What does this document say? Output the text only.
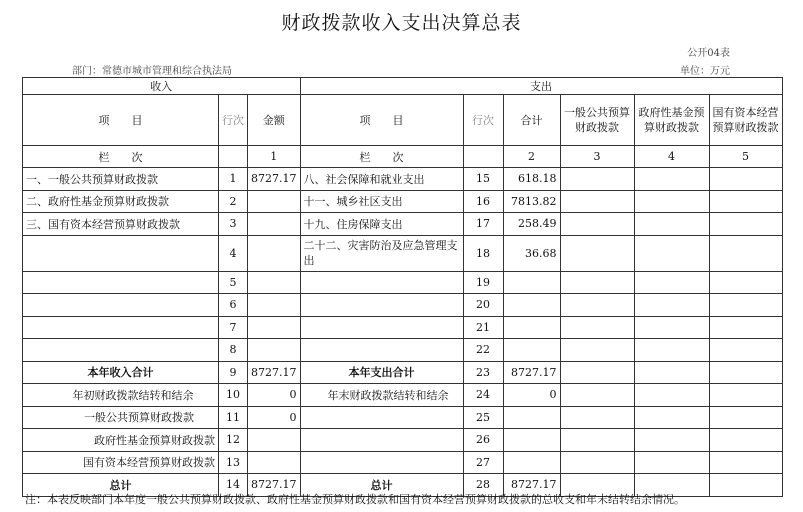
财政拨款收入支出决算总表
公开04表
部门：常德市城市管理和综合执法局	单位：万元
收入			支出					
项　　目	行次	金额	项　　目	行次	合计	一般公共预算财政拨款	政府性基金预算财政拨款	国有资本经营预算财政拨款
栏　　次		1	栏　　次		2	3	4	5
一、一般公共预算财政拨款	1	8727.17	八、社会保障和就业支出	15	618.18			
二、政府性基金预算财政拨款	2		十一、城乡社区支出	16	7813.82			
三、国有资本经营预算财政拨款	3		十九、住房保障支出	17	258.49			
	4		二十二、灾害防治及应急管理支出	18	36.68			
	5			19				
	6			20				
	7			21				
	8			22				
本年收入合计	9	8727.17	本年支出合计	23	8727.17			
年初财政拨款结转和结余	10	0	年末财政拨款结转和结余	24	0			
一般公共预算财政拨款	11	0		25				
政府性基金预算财政拨款	12			26				
国有资本经营预算财政拨款	13			27				
总计	14	8727.17	总计	28	8727.17			
注：本表反映部门本年度一般公共预算财政拨款、政府性基金预算财政拨款和国有资本经营预算财政拨款的总收支和年末结转结余情况。
